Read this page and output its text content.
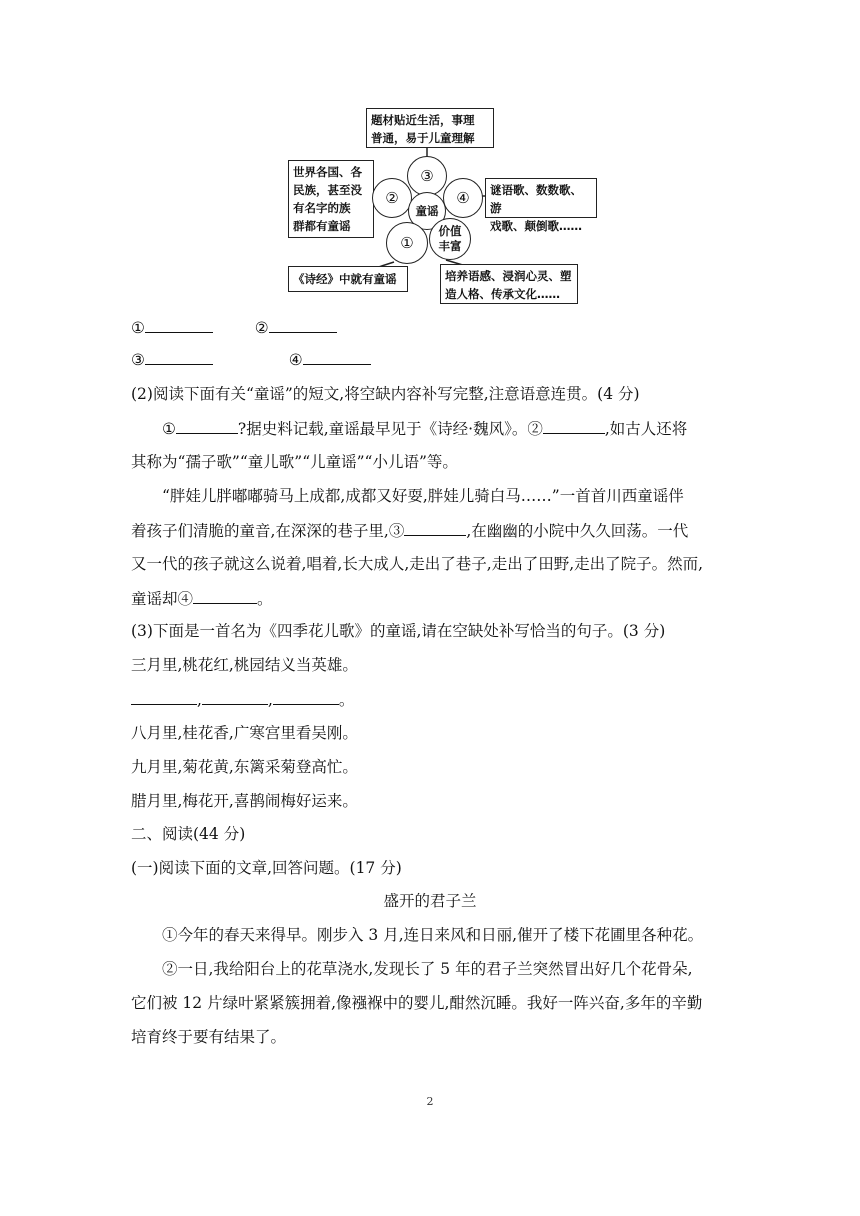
题材贴近生活，事理
普通，易于儿童理解
世界各国、各
民族，甚至没
有名字的族
群都有童谣
谜语歌、数数歌、游
戏歌、颠倒歌……
《诗经》中就有童谣	培养语感、浸润心灵、塑
造人格、传承文化……
③
②	④
童谣
①
价值
丰富
①	②
③	④
(2)阅读下面有关“童谣”的短文,将空缺内容补写完整,注意语意连贯。(4 分)
①	?据史料记载,童谣最早见于《诗经·魏风》。②	,如古人还将
其称为“孺子歌”“童儿歌”“儿童谣”“小儿语”等。
“胖娃儿胖嘟嘟骑马上成都,成都又好耍,胖娃儿骑白马……”一首首川西童谣伴
着孩子们清脆的童音,在深深的巷子里,③	,在幽幽的小院中久久回荡。一代
又一代的孩子就这么说着,唱着,长大成人,走出了巷子,走出了田野,走出了院子。然而,
童谣却④	。
(3)下面是一首名为《四季花儿歌》的童谣,请在空缺处补写恰当的句子。(3 分)
三月里,桃花红,桃园结义当英雄。
,	,	。
八月里,桂花香,广寒宫里看吴刚。
九月里,菊花黄,东篱采菊登高忙。
腊月里,梅花开,喜鹊闹梅好运来。
二、阅读(44 分)
(一)阅读下面的文章,回答问题。(17 分)
盛开的君子兰
①今年的春天来得早。刚步入 3 月,连日来风和日丽,催开了楼下花圃里各种花。
②一日,我给阳台上的花草浇水,发现长了 5 年的君子兰突然冒出好几个花骨朵,
它们被 12 片绿叶紧紧簇拥着,像襁褓中的婴儿,酣然沉睡。我好一阵兴奋,多年的辛勤
培育终于要有结果了。
2
